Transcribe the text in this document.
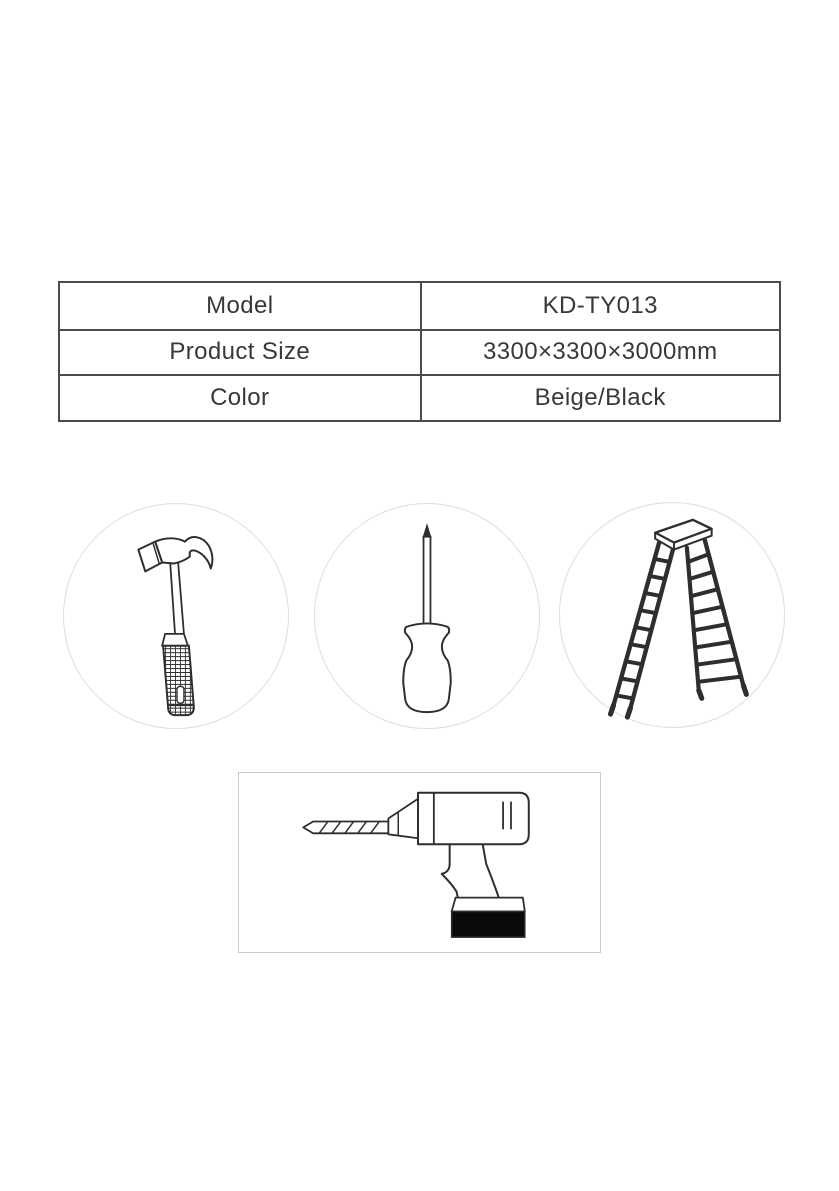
Model	KD-TY013
Product Size	3300×3300×3000mm
Color	Beige/Black
